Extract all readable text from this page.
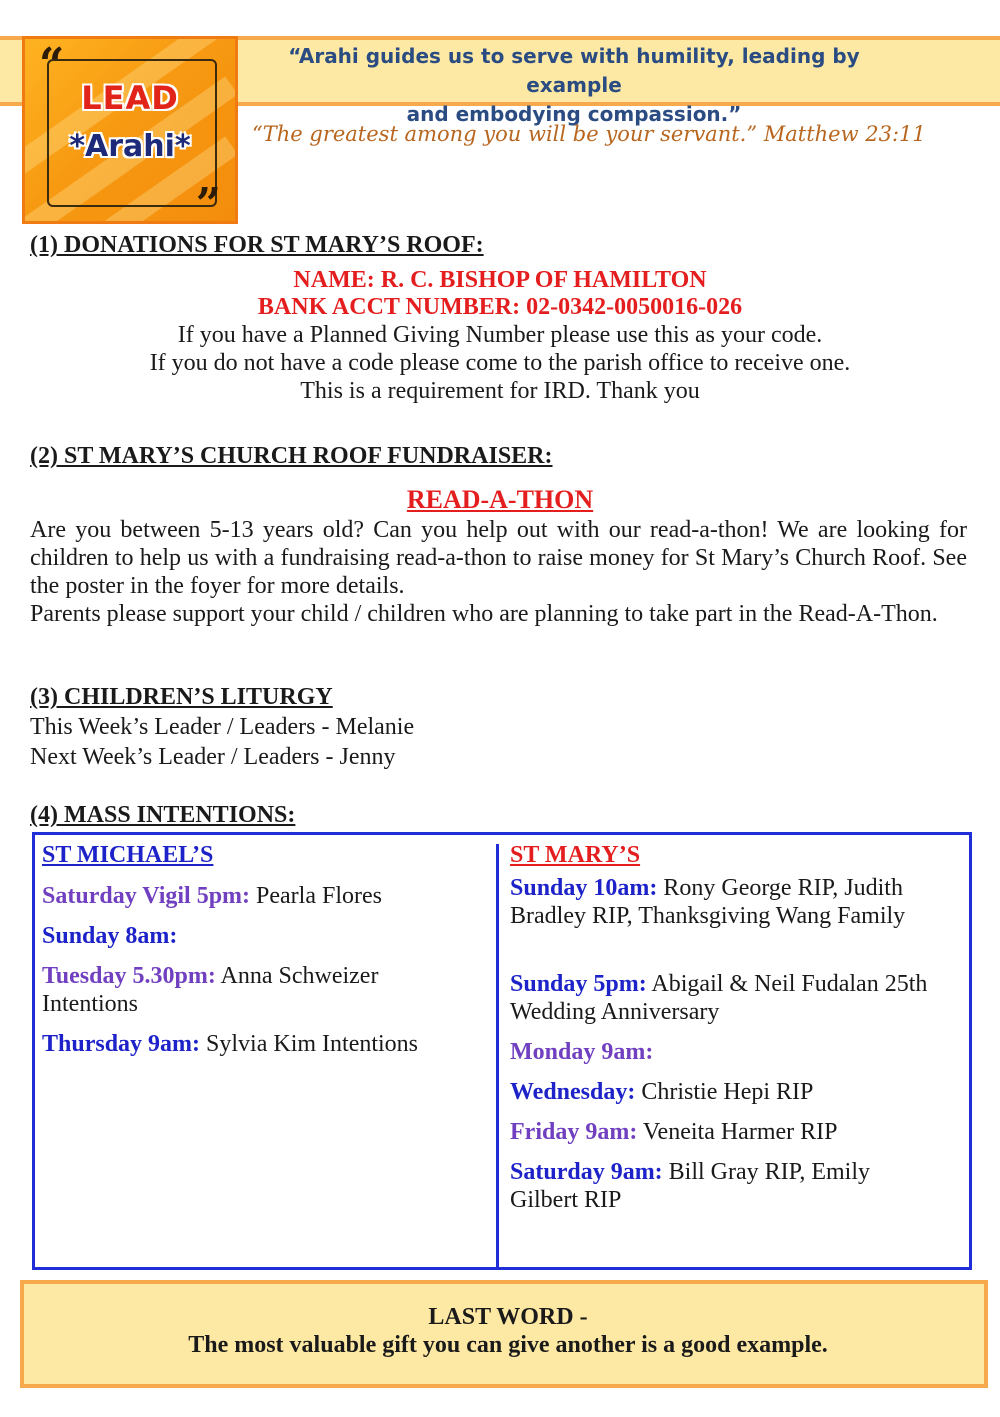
“
LEAD
*Arahi*
”
“Arahi guides us to serve with humility, leading by example
and embodying compassion.”
“The greatest among you will be your servant.” Matthew 23:11
(1) DONATIONS FOR ST MARY’S ROOF:
NAME: R. C. BISHOP OF HAMILTON
BANK ACCT NUMBER: 02-0342-0050016-026
If you have a Planned Giving Number please use this as your code.
If you do not have a code please come to the parish office to receive one.
This is a requirement for IRD. Thank you
(2) ST MARY’S CHURCH ROOF FUNDRAISER:
READ-A-THON
Are you between 5-13 years old? Can you help out with our read-a-thon! We are looking for children to help us with a fundraising read-a-thon to raise money for St Mary’s Church Roof. See the poster in the foyer for more details.
Parents please support your child / children who are planning to take part in the Read-A-Thon.
(3) CHILDREN’S LITURGY
This Week’s Leader / Leaders - Melanie
Next Week’s Leader / Leaders - Jenny
(4) MASS INTENTIONS:
ST MICHAEL’S
Saturday Vigil 5pm: Pearla Flores
Sunday 8am:
Tuesday 5.30pm: Anna Schweizer Intentions
Thursday 9am: Sylvia Kim Intentions
ST MARY’S
Sunday 10am: Rony George RIP, Judith Bradley RIP, Thanksgiving Wang Family
Sunday 5pm: Abigail & Neil Fudalan 25th Wedding Anniversary
Monday 9am:
Wednesday: Christie Hepi RIP
Friday 9am: Veneita Harmer RIP
Saturday 9am: Bill Gray RIP, Emily Gilbert RIP
LAST WORD -
The most valuable gift you can give another is a good example.
